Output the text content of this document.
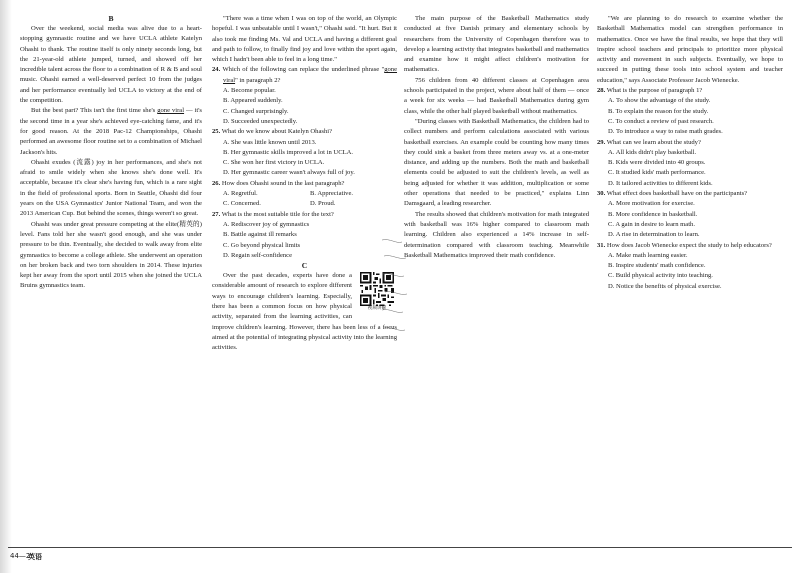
B

Over the weekend, social media was alive due to a heart-stopping gymnastic routine and we have UCLA athlete Katelyn Ohashi to thank. The routine itself is only ninety seconds long, but the 21-year-old athlete jumped, turned, and showed off her incredible talent across the floor to a combination of R & B and soul music. Ohashi earned a well-deserved perfect 10 from the judges and her performance eventually led UCLA to victory at the end of the competition.

But the best part? This isn't the first time she's gone viral — it's the second time in a year she's achieved eye-catching fame, and it's for good reason. At the 2018 Pac-12 Championships, Ohashi performed an awesome floor routine set to a combination of Michael Jackson's hits.

Ohashi exudes (流露) joy in her performances, and she's not afraid to smile widely when she knows she's done well. It's acceptable, because it's clear she's having fun, which is a rare sight in the field of professional sports. Born in Seattle, Ohashi did four years on the USA Gymnastics' Junior National Team, and won the 2013 American Cup. But behind the scenes, things weren't so great.

Ohashi was under great pressure competing at the elite(精英的) level. Fans told her she wasn't good enough, and she was under pressure to be thin. Eventually, she decided to walk away from elite gymnastics to become a college athlete. She underwent an operation on her broken back and two torn shoulders in 2014. These injuries kept her away from the sport until 2015 when she joined the UCLA Bruins gymnastics team.

"There was a time when I was on top of the world, an Olympic hopeful. I was unbeatable until I wasn't," Ohashi said. "It hurt. But it also took me finding Ms. Val and UCLA and having a different goal and path to follow, to finally find joy and love within the sport again, which I hadn't been able to feel in a long time."

24. Which of the following can replace the underlined phrase "gone viral" in paragraph 2?

A. Become popular.

B. Appeared suddenly.

C. Changed surprisingly.

D. Succeeded unexpectedly.

25. What do we know about Katelyn Ohashi?

A. She was little known until 2013.

B. Her gymnastic skills improved a lot in UCLA.

C. She won her first victory in UCLA.

D. Her gymnastic career wasn't always full of joy.

26. How does Ohashi sound in the last paragraph?

A. Regretful.	B. Appreciative.
C. Concerned.	D. Proud.

27. What is the most suitable title for the text?

A. Rediscover joy of gymnastics

B. Battle against ill remarks

C. Go beyond physical limits

D. Regain self-confidence

C

视频讲解

Over the past decades, experts have done a considerable amount of research to explore different ways to encourage children's learning. Especially, there has been a common focus on how physical activity, separated from the learning activities, can improve children's learning. However, there has been less of a focus aimed at the potential of integrating physical activity into the learning activities.

The main purpose of the Basketball Mathematics study conducted at five Danish primary and elementary schools by researchers from the University of Copenhagen therefore was to develop a learning activity that integrates basketball and mathematics and examine how it might affect children's motivation for mathematics.

756 children from 40 different classes at Copenhagen area schools participated in the project, where about half of them — once a week for six weeks — had Basketball Mathematics during gym class, while the other half played basketball without mathematics.

"During classes with Basketball Mathematics, the children had to collect numbers and perform calculations associated with various basketball exercises. An example could be counting how many times they could sink a basket from three meters away vs. at a one-meter distance, and adding up the numbers. Both the math and basketball elements could be adjusted to suit the children's levels, as well as being adjusted for whether it was addition, multiplication or some other operations that needed to be practiced," explains Linn Damsgaard, a leading researcher.

The results showed that children's motivation for math integrated with basketball was 16% higher compared to classroom math learning. Children also experienced a 14% increase in self-determination compared with classroom teaching. Meanwhile Basketball Mathematics improved their math confidence.

"We are planning to do research to examine whether the Basketball Mathematics model can strengthen performance in mathematics. Once we have the final results, we hope that they will inspire school teachers and principals to prioritize more physical activity and movement in such subjects. Eventually, we hope to succeed in putting these tools into school system and teacher education," says Associate Professor Jacob Wienecke.

28. What is the purpose of paragraph 1?

A. To show the advantage of the study.

B. To explain the reason for the study.

C. To conduct a review of past research.

D. To introduce a way to raise math grades.

29. What can we learn about the study?

A. All kids didn't play basketball.

B. Kids were divided into 40 groups.

C. It studied kids' math performance.

D. It tailored activities to different kids.

30. What effect does basketball have on the participants?

A. More motivation for exercise.

B. More confidence in basketball.

C. A gain in desire to learn math.

D. A rise in determination to learn.

31. How does Jacob Wienecke expect the study to help educators?

A. Make math learning easier.

B. Inspire students' math confidence.

C. Build physical activity into teaching.

D. Notice the benefits of physical exercise.

44—2
英语
